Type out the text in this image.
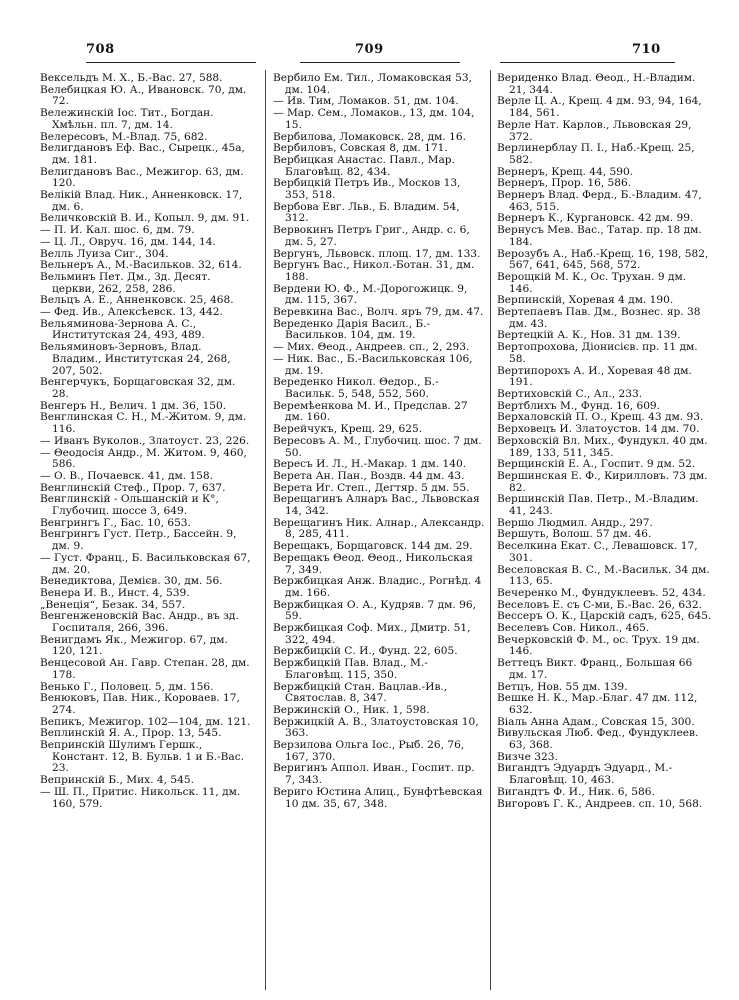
708	709	710

Вексельдъ М. Х., Б.-Вас. 27, 588.

Велебицкая Ю. А., Ивановск. 70, дм. 72.

Вележинскій Іос. Тит., Богдан. Хмѣльн. пл. 7, дм. 14.

Велересовъ, М.-Влад. 75, 682.

Велигдановъ Еф. Вас., Сырецк., 45а, дм. 181.

Велигдановъ Вас., Межигор. 63, дм. 120.

Велікій Влад. Ник., Анненковск. 17, дм. 6.

Величковскій В. И., Копыл. 9, дм. 91.

— П. И. Кал. шос. 6, дм. 79.

— Ц. Л., Овруч. 16, дм. 144, 14.

Велль Луиза Сиг., 304.

Вельнеръ А., М.-Васильков. 32, 614.

Вельминъ Пет. Дм., Зд. Десят. церкви, 262, 258, 286.

Вельцъ А. Е., Анненковск. 25, 468.

— Фед. Ив., Алексѣевск. 13, 442.

Вельяминова-Зернова А. С., Институтская 24, 493, 489.

Вельяминовъ-Зерновъ, Влад. Владим., Институтская 24, 268, 207, 502.

Венгерчукъ, Борщаговская 32, дм. 28.

Венгеръ Н., Велич. 1 дм. 36, 150.

Венглинская С. Н., М.-Житом. 9, дм. 116.

— Иванъ Вуколов., Златоуст. 23, 226.

— Θеодосія Андр., М. Житом. 9, 460, 586.

— О. В., Почаевск. 41, дм. 158.

Венглинскій Стеф., Прор. 7, 637.

Венглинскій - Ольшанскій и К°, Глубочиц. шоссе 3, 649.

Венгрингъ Г., Бас. 10, 653.

Венгрингъ Густ. Петр., Бассейн. 9, дм. 9.

— Густ. Франц., Б. Васильковская 67, дм. 20.

Венедиктова, Демієв. 30, дм. 56.

Венера И. В., Инст. 4, 539.

„Венеція“, Безак. 34, 557.

Венгенженовскій Вас. Андр., въ зд. Госпиталя, 266, 396.

Венигдамъ Як., Межигор. 67, дм. 120, 121.

Венцесовой Ан. Гавр. Степан. 28, дм. 178.

Венько Г., Половец. 5, дм. 156.

Венюковъ, Пав. Ник., Короваев. 17, 274.

Вепикъ, Межигор. 102—104, дм. 121.

Веплинскій Я. А., Прор. 13, 545.

Вепринскій Шулимъ Гершк., Констант. 12, В. Бульв. 1 и Б.-Вас. 23.

Вепринскій Б., Мих. 4, 545.

— Ш. П., Притис. Никольск. 11, дм. 160, 579.

Вербило Ем. Тил., Ломаковская 53, дм. 104.

— Ив. Тим, Ломаков. 51, дм. 104.

— Мар. Сем., Ломаков., 13, дм. 104, 15.

Вербилова, Ломаковск. 28, дм. 16.

Вербиловъ, Совская 8, дм. 171.

Вербицкая Анастас. Павл., Мар. Благовѣщ. 82, 434.

Вербицкій Петръ Ив., Москов 13, 353, 518.

Вербова Евг. Льв., Б. Владим. 54, 312.

Вервокинъ Петръ Григ., Андр. с. 6, дм. 5, 27.

Вергунъ, Львовск. площ. 17, дм. 133.

Вергунъ Вас., Никол.-Ботан. 31, дм. 188.

Вердени Ю. Ф., М.-Дорогожицк. 9, дм. 115, 367.

Веревкина Вас., Волч. яръ 79, дм. 47.

Вереденко Дарія Васил., Б.-Васильков. 104, дм. 19.

— Мих. Θеод., Андреев. сп., 2, 293.

— Ник. Вас., Б.-Васильковская 106, дм. 19.

Вереденко Никол. Θедор., Б.-Васильк. 5, 548, 552, 560.

Веремѣенкова М. И., Предслав. 27 дм. 160.

Верейчукъ, Крещ. 29, 625.

Вересовъ А. М., Глубочиц. шос. 7 дм. 50.

Вересъ И. Л., Н.-Макар. 1 дм. 140.

Верета Ан. Пан., Воздв. 44 дм. 43.

Верета Иг. Степ., Дегтяр. 5 дм. 55.

Верещагинъ Алнаръ Вас., Львовская 14, 342.

Верещагинъ Ник. Алнар., Александр. 8, 285, 411.

Верещакъ, Борщаговск. 144 дм. 29.

Верещакъ Θеод. Θеод., Никольская 7, 349.

Вержбицкая Анж. Владис., Рогнѣд. 4 дм. 166.

Вержбицкая О. А., Кудряв. 7 дм. 96, 59.

Вержбицкая Соф. Мих., Дмитр. 51, 322, 494.

Вержбицкій С. И., Фунд. 22, 605.

Вержбицкій Пав. Влад., М.-Благовѣщ. 115, 350.

Вержбицкій Стан. Вацлав.-Ив., Святослав. 8, 347.

Вержинскій О., Ник. 1, 598.

Вержицкій А. В., Златоустовская 10, 363.

Верзилова Ольга Іос., Рыб. 26, 76, 167, 370.

Веригинъ Аппол. Иван., Госпит. пр. 7, 343.

Веригo Юстина Алиц., Бунфтѣевская 10 дм. 35, 67, 348.

Вериденко Влад. Θеод., Н.-Владим. 21, 344.

Верле Ц. А., Крещ. 4 дм. 93, 94, 164, 184, 561.

Верле Нат. Карлов., Львовская 29, 372.

Верлинерблау П. І., Наб.-Крещ. 25, 582.

Вернеръ, Крещ. 44, 590.

Вернеръ, Прор. 16, 586.

Вернеръ Влад. Ферд., Б.-Владим. 47, 463, 515.

Вернеръ К., Кургановск. 42 дм. 99.

Вернусъ Мев. Вас., Татар. пр. 18 дм. 184.

Верозубъ А., Наб.-Крещ. 16, 198, 582, 567, 641, 645, 568, 572.

Верощкій М. К., Ос. Трухан. 9 дм. 146.

Верпинскій, Хоревая 4 дм. 190.

Вертепаевъ Пав. Дм., Вознес. яр. 38 дм. 43.

Вертецкій А. К., Нов. 31 дм. 139.

Вертопрохова, Діонисієв. пр. 11 дм. 58.

Вертипорохъ А. И., Хоревая 48 дм. 191.

Вертиховскій С., Ал., 233.

Вертблихъ М., Фунд. 16, 609.

Верхаловскій П. О., Крещ. 43 дм. 93.

Верховецъ И. Златоустов. 14 дм. 70.

Верховскій Вл. Мих., Фундукл. 40 дм. 189, 133, 511, 345.

Верщинскій Е. А., Госпит. 9 дм. 52.

Вершинская Е. Ф., Кирилловъ. 73 дм. 82.

Вершинскій Пав. Петр., М.-Владим. 41, 243.

Вершо Людмил. Андр., 297.

Вершуть, Волош. 57 дм. 46.

Веселкина Екат. С., Левашовск. 17, 301.

Веселовская В. С., М.-Васильк. 34 дм. 113, 65.

Вечеренко М., Фундуклеевъ. 52, 434.

Веселовъ Е. съ С-ми, Б.-Вас. 26, 632.

Вессеръ О. К., Царскій садъ, 625, 645.

Веселевъ Сов. Никол., 465.

Вечерковскій Ф. М., ос. Трух. 19 дм. 146.

Веттецъ Викт. Франц., Большая 66 дм. 17.

Ветцъ, Нов. 55 дм. 139.

Вешке Н. К., Мар.-Благ. 47 дм. 112, 632.

Віаль Анна Адам., Совская 15, 300.

Вивульская Люб. Фед., Фундуклеев. 63, 368.

Визче 323.

Вигандтъ Эдуардъ Эдуард., М.-Благовѣщ. 10, 463.

Вигандтъ Ф. И., Ник. 6, 586.

Вигоровъ Г. К., Андреев. сп. 10, 568.
